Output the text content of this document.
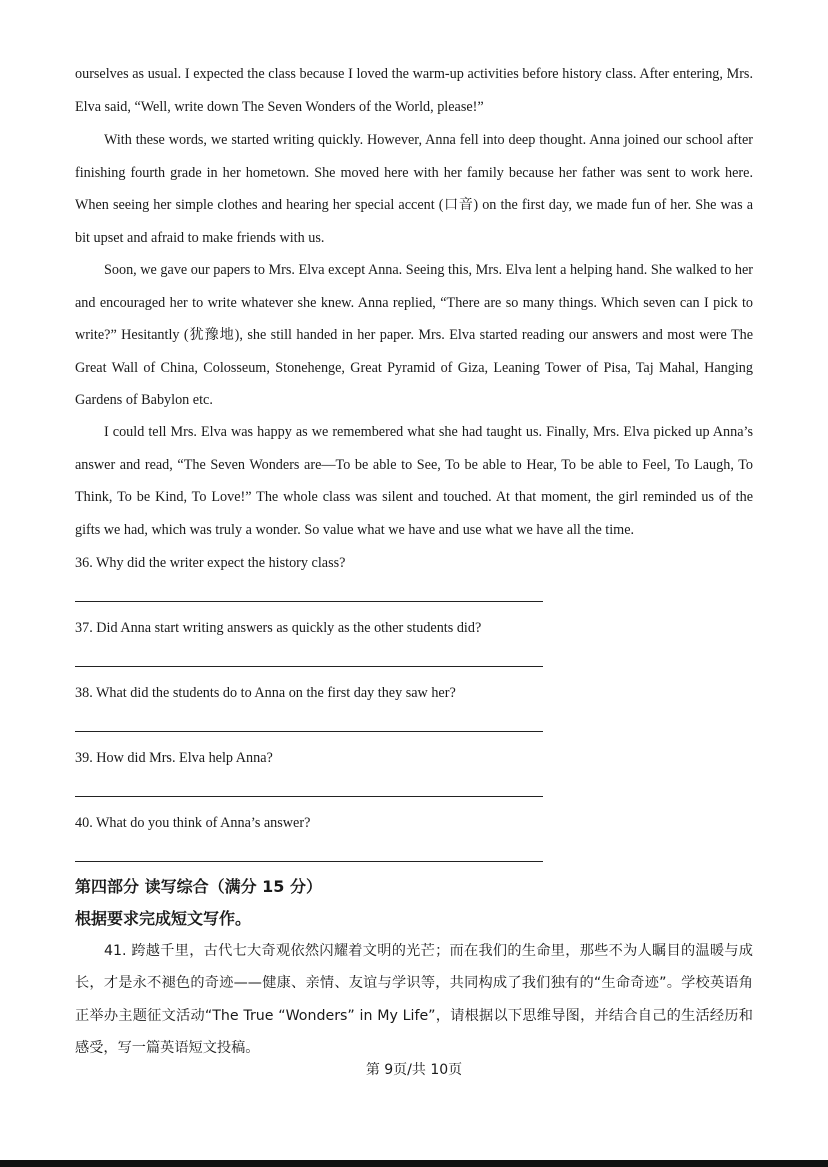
ourselves as usual. I expected the class because I loved the warm-up activities before history class. After entering, Mrs. Elva said, “Well, write down The Seven Wonders of the World, please!”

With these words, we started writing quickly. However, Anna fell into deep thought. Anna joined our school after finishing fourth grade in her hometown. She moved here with her family because her father was sent to work here. When seeing her simple clothes and hearing her special accent (口音) on the first day, we made fun of her. She was a bit upset and afraid to make friends with us.

Soon, we gave our papers to Mrs. Elva except Anna. Seeing this, Mrs. Elva lent a helping hand. She walked to her and encouraged her to write whatever she knew. Anna replied, “There are so many things. Which seven can I pick to write?” Hesitantly (犹豫地), she still handed in her paper. Mrs. Elva started reading our answers and most were The Great Wall of China, Colosseum, Stonehenge, Great Pyramid of Giza, Leaning Tower of Pisa, Taj Mahal, Hanging Gardens of Babylon etc.

I could tell Mrs. Elva was happy as we remembered what she had taught us. Finally, Mrs. Elva picked up Anna’s answer and read, “The Seven Wonders are—To be able to See, To be able to Hear, To be able to Feel, To Laugh, To Think, To be Kind, To Love!” The whole class was silent and touched. At that moment, the girl reminded us of the gifts we had, which was truly a wonder. So value what we have and use what we have all the time.

36. Why did the writer expect the history class?

37. Did Anna start writing answers as quickly as the other students did?

38. What did the students do to Anna on the first day they saw her?

39. How did Mrs. Elva help Anna?

40. What do you think of Anna’s answer?

第四部分 读写综合（满分 15 分）

根据要求完成短文写作。

41. 跨越千里，古代七大奇观依然闪耀着文明的光芒；而在我们的生命里，那些不为人瞩目的温暖与成长，才是永不褪色的奇迹——健康、亲情、友谊与学识等，共同构成了我们独有的“生命奇迹”。学校英语角正举办主题征文活动“The True “Wonders” in My Life”，请根据以下思维导图，并结合自己的生活经历和感受，写一篇英语短文投稿。

第 9页/共 10页
